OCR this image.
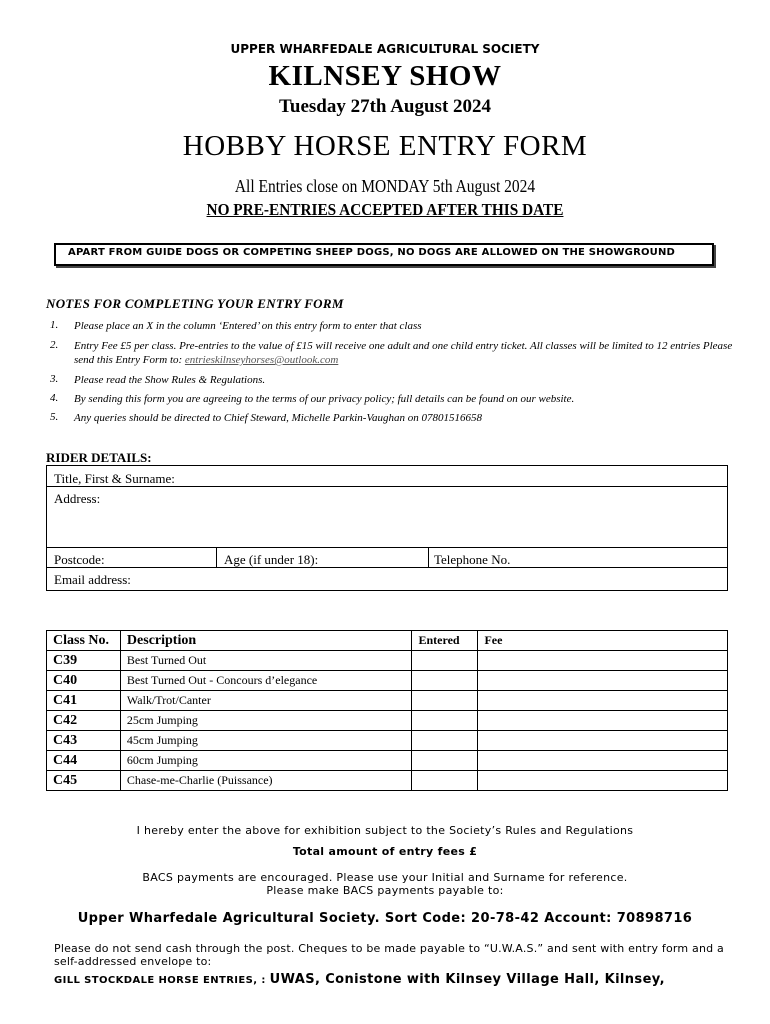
UPPER WHARFEDALE AGRICULTURAL SOCIETY
KILNSEY SHOW
Tuesday 27th August 2024
HOBBY HORSE ENTRY FORM
All Entries close on MONDAY 5th August 2024
NO PRE-ENTRIES ACCEPTED AFTER THIS DATE
APART FROM GUIDE DOGS OR COMPETING SHEEP DOGS, NO DOGS ARE ALLOWED ON THE SHOWGROUND
NOTES FOR COMPLETING YOUR ENTRY FORM
1.	Please place an X in the column ‘Entered’ on this entry form to enter that class
2.	Entry Fee £5 per class. Pre-entries to the value of £15 will receive one adult and one child entry ticket. All classes will be limited to 12 entries Please send this Entry Form to: entrieskilnseyhorses@outlook.com
3.	Please read the Show Rules & Regulations.
4.	By sending this form you are agreeing to the terms of our privacy policy; full details can be found on our website.
5.	Any queries should be directed to Chief Steward, Michelle Parkin-Vaughan on 07801516658
RIDER DETAILS:
Title, First & Surname:
Address:
Postcode:	Age (if under 18):	Telephone No.
Email address:
Class No.	Description	Entered	Fee
C39	Best Turned Out		
C40	Best Turned Out - Concours d’elegance		
C41	Walk/Trot/Canter		
C42	25cm Jumping		
C43	45cm Jumping		
C44	60cm Jumping		
C45	Chase-me-Charlie (Puissance)		
I hereby enter the above for exhibition subject to the Society’s Rules and Regulations
Total amount of entry fees £
BACS payments are encouraged. Please use your Initial and Surname for reference.
Please make BACS payments payable to:
Upper Wharfedale Agricultural Society. Sort Code: 20-78-42 Account: 70898716
Please do not send cash through the post. Cheques to be made payable to “U.W.A.S.” and sent with entry form and a self-addressed envelope to:
GILL STOCKDALE HORSE ENTRIES, : UWAS, Conistone with Kilnsey Village Hall, Kilnsey,
